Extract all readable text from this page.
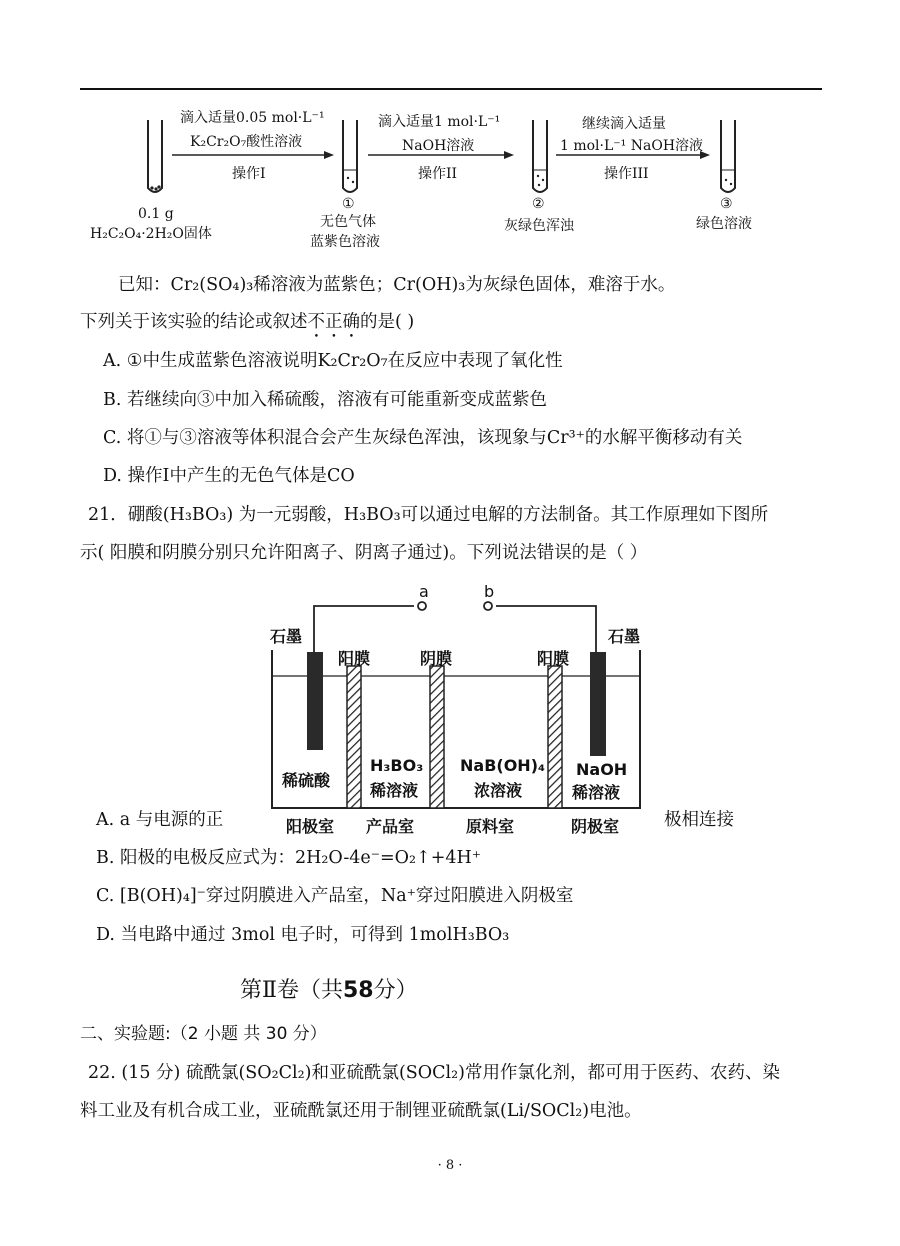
滴入适量0.05 mol·L⁻¹
K₂Cr₂O₇酸性溶液
操作I
滴入适量1 mol·L⁻¹
NaOH溶液
操作II
继续滴入适量
1 mol·L⁻¹ NaOH溶液
操作III
0.1 g
H₂C₂O₄·2H₂O固体
①
无色气体
蓝紫色溶液
②
灰绿色浑浊
③
绿色溶液
已知：Cr₂(SO₄)₃稀溶液为蓝紫色；Cr(OH)₃为灰绿色固体，难溶于水。
下列关于该实验的结论或叙述不正确的是( )
A. ①中生成蓝紫色溶液说明K₂Cr₂O₇在反应中表现了氧化性
B. 若继续向③中加入稀硫酸，溶液有可能重新变成蓝紫色
C. 将①与③溶液等体积混合会产生灰绿色浑浊，该现象与Cr³⁺的水解平衡移动有关
D. 操作I中产生的无色气体是CO
21．硼酸(H₃BO₃) 为一元弱酸，H₃BO₃可以通过电解的方法制备。其工作原理如下图所
示( 阳膜和阴膜分别只允许阳离子、阴离子通过)。下列说法错误的是（ ）
a	b
石墨	石墨
阳膜	阴膜	阳膜
稀硫酸
H₃BO₃
稀溶液
NaB(OH)₄
浓溶液
NaOH
稀溶液
阳极室 产品室	原料室	阴极室
A. a 与电源的正	极相连接
B. 阳极的电极反应式为：2H₂O-4e⁻=O₂↑+4H⁺
C. [B(OH)₄]⁻穿过阴膜进入产品室，Na⁺穿过阳膜进入阴极室
D. 当电路中通过 3mol 电子时，可得到 1molH₃BO₃
第Ⅱ卷（共58分）
二、实验题:（2 小题 共 30 分）
22. (15 分) 硫酰氯(SO₂Cl₂)和亚硫酰氯(SOCl₂)常用作氯化剂，都可用于医药、农药、染
料工业及有机合成工业，亚硫酰氯还用于制锂亚硫酰氯(Li/SOCl₂)电池。
· 8 ·
